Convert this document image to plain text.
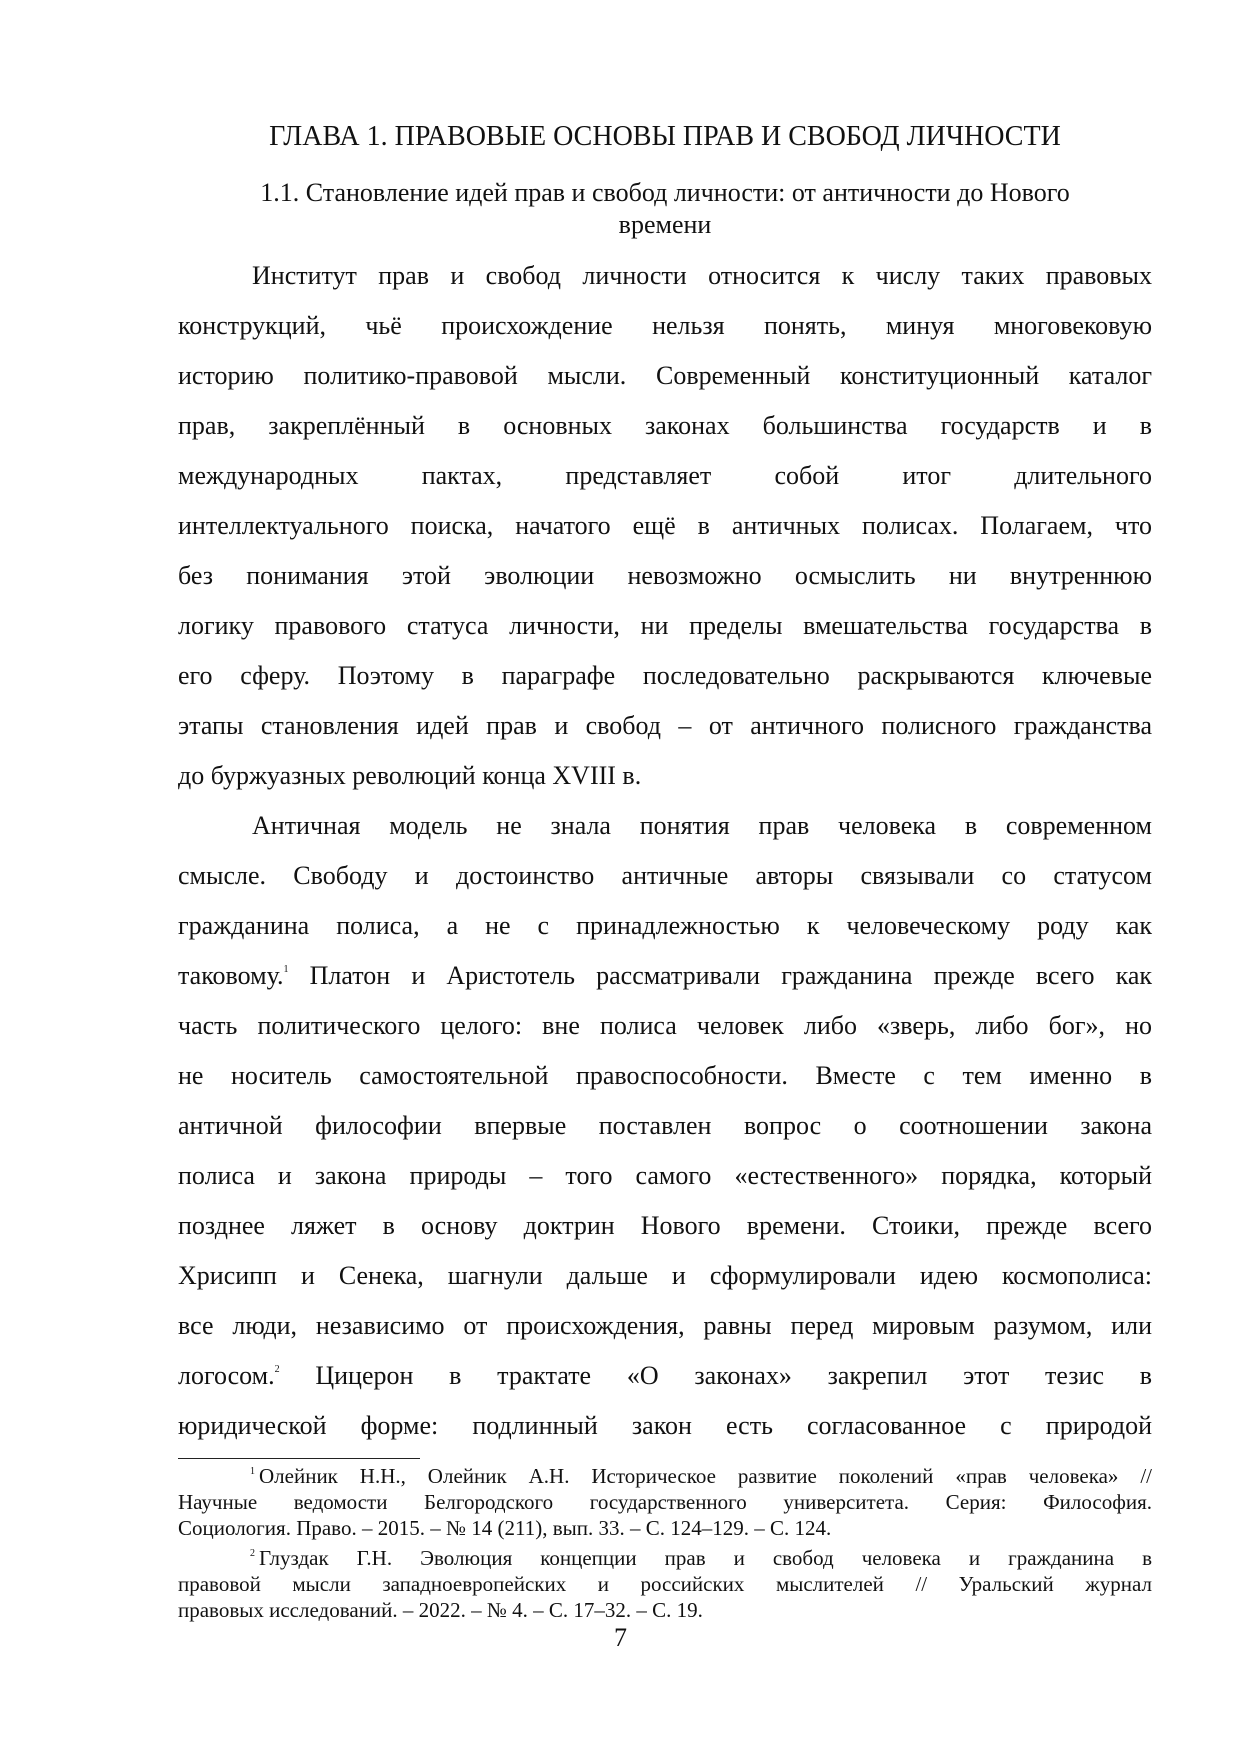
ГЛАВА 1. ПРАВОВЫЕ ОСНОВЫ ПРАВ И СВОБОД ЛИЧНОСТИ
1.1. Становление идей прав и свобод личности: от античности до Нового
времени
Институт прав и свобод личности относится к числу таких правовых
конструкций, чьё происхождение нельзя понять, минуя многовековую
историю политико-правовой мысли. Современный конституционный каталог
прав, закреплённый в основных законах большинства государств и в
международных пактах, представляет собой итог длительного
интеллектуального поиска, начатого ещё в античных полисах. Полагаем, что
без понимания этой эволюции невозможно осмыслить ни внутреннюю
логику правового статуса личности, ни пределы вмешательства государства в
его сферу. Поэтому в параграфе последовательно раскрываются ключевые
этапы становления идей прав и свобод – от античного полисного гражданства
до буржуазных революций конца XVIII в.
Античная модель не знала понятия прав человека в современном
смысле. Свободу и достоинство античные авторы связывали со статусом
гражданина полиса, а не с принадлежностью к человеческому роду как
таковому.$^1$ Платон и Аристотель рассматривали гражданина прежде всего как
часть политического целого: вне полиса человек либо «зверь, либо бог», но
не носитель самостоятельной правоспособности. Вместе с тем именно в
античной философии впервые поставлен вопрос о соотношении закона
полиса и закона природы – того самого «естественного» порядка, который
позднее ляжет в основу доктрин Нового времени. Стоики, прежде всего
Хрисипп и Сенека, шагнули дальше и сформулировали идею космополиса:
все люди, независимо от происхождения, равны перед мировым разумом, или
логосом.$^2$ Цицерон в трактате «О законах» закрепил этот тезис в
юридической форме: подлинный закон есть согласованное с природой
$^1$ Олейник Н.Н., Олейник А.Н. Историческое развитие поколений «прав человека» //
Научные ведомости Белгородского государственного университета. Серия: Философия.
Социология. Право. – 2015. – № 14 (211), вып. 33. – С. 124–129. – С. 124.
$^2$ Глуздак Г.Н. Эволюция концепции прав и свобод человека и гражданина в
правовой мысли западноевропейских и российских мыслителей // Уральский журнал
правовых исследований. – 2022. – № 4. – С. 17–32. – С. 19.
7
